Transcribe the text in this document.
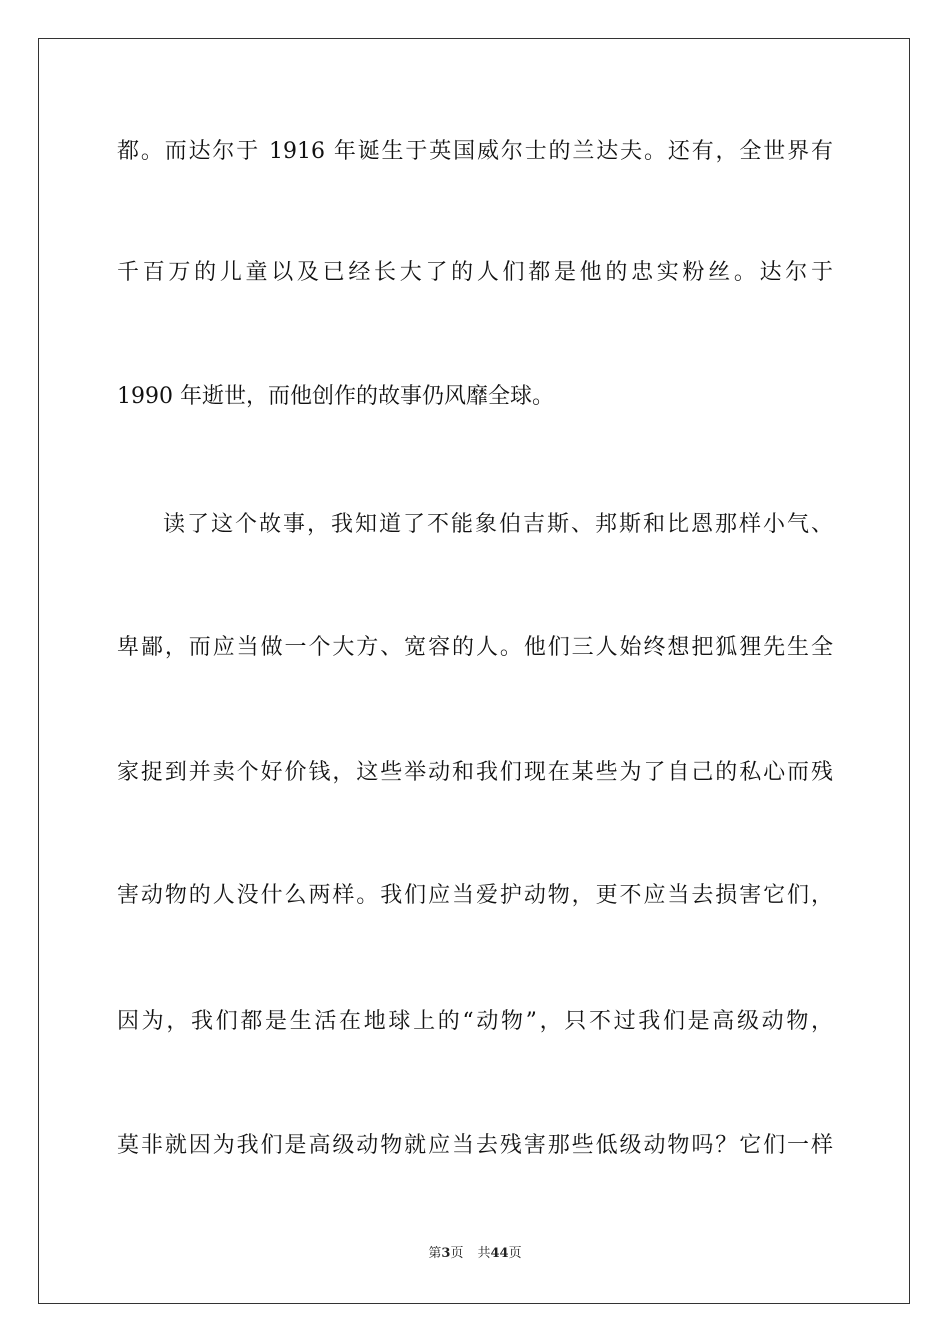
都。而达尔于 1916 年诞生于英国威尔士的兰达夫。还有，全世界有
千百万的儿童以及已经长大了的人们都是他的忠实粉丝。达尔于
1990 年逝世，而他创作的故事仍风靡全球。
读了这个故事，我知道了不能象伯吉斯、邦斯和比恩那样小气、
卑鄙，而应当做一个大方、宽容的人。他们三人始终想把狐狸先生全
家捉到并卖个好价钱，这些举动和我们现在某些为了自己的私心而残
害动物的人没什么两样。我们应当爱护动物，更不应当去损害它们，
因为，我们都是生活在地球上的“动物”，只不过我们是高级动物，
莫非就因为我们是高级动物就应当去残害那些低级动物吗？它们一样
第3页 共44页
